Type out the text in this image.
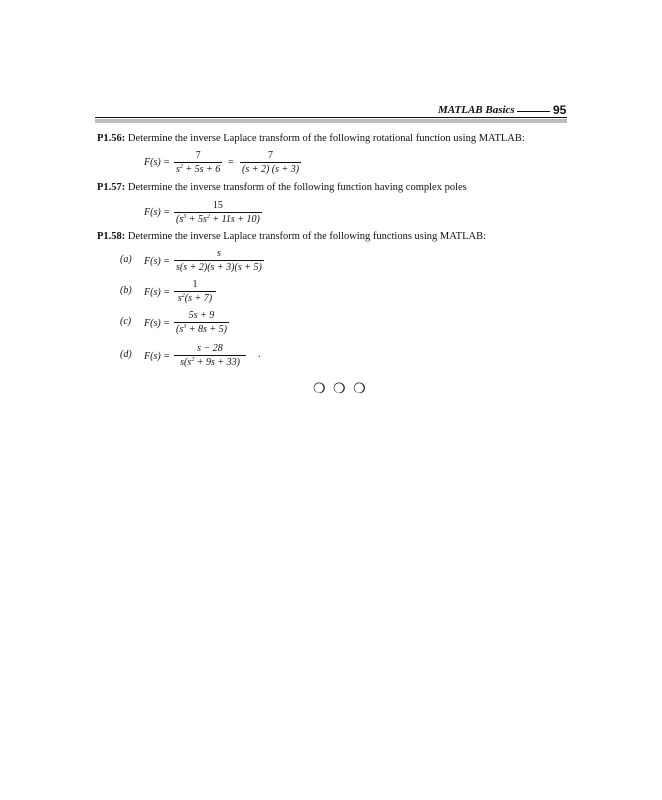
MATLAB Basics	95
P1.56: Determine the inverse Laplace transform of the following rotational function using MATLAB:
F(s) =
7
$s^2 + 5s + 6$
=
7
(s + 2) (s + 3)
P1.57: Determine the inverse transform of the following function having complex poles
F(s) =
15
$(s^3 + 5s^2 + 11s + 10)$
P1.58: Determine the inverse Laplace transform of the following functions using MATLAB:
(a) F(s) =
s
s(s + 2)(s + 3)(s + 5)
(b) F(s) =
1
$s^2(s + 7)$
(c) F(s) =
5s + 9
$(s^3 + 8s + 5)$
(d) F(s) =
s − 28
$s(s^2 + 9s + 33)$
.
❍ ❍ ❍
